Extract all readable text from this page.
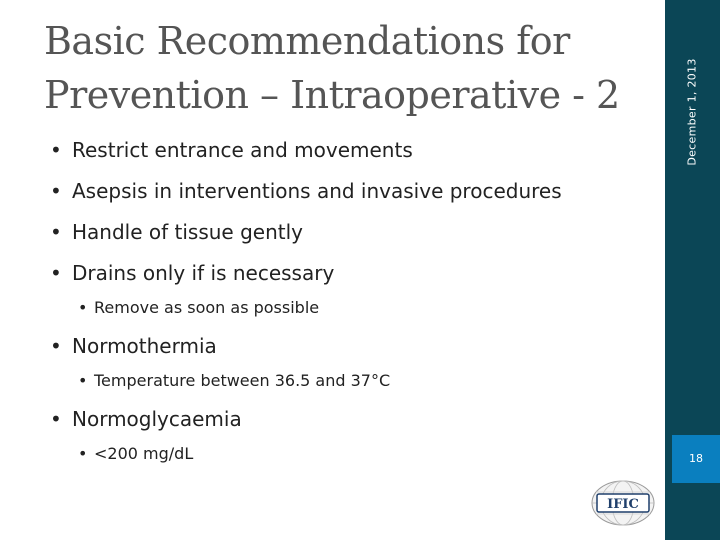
Basic Recommendations for
Prevention – Intraoperative - 2
• Restrict entrance and movements
• Asepsis in interventions and invasive procedures
• Handle of tissue gently
• Drains only if is necessary
• Remove as soon as possible
• Normothermia
• Temperature between 36.5 and 37°C
• Normoglycaemia
• <200 mg/dL
December 1, 2013
18
IFIC
